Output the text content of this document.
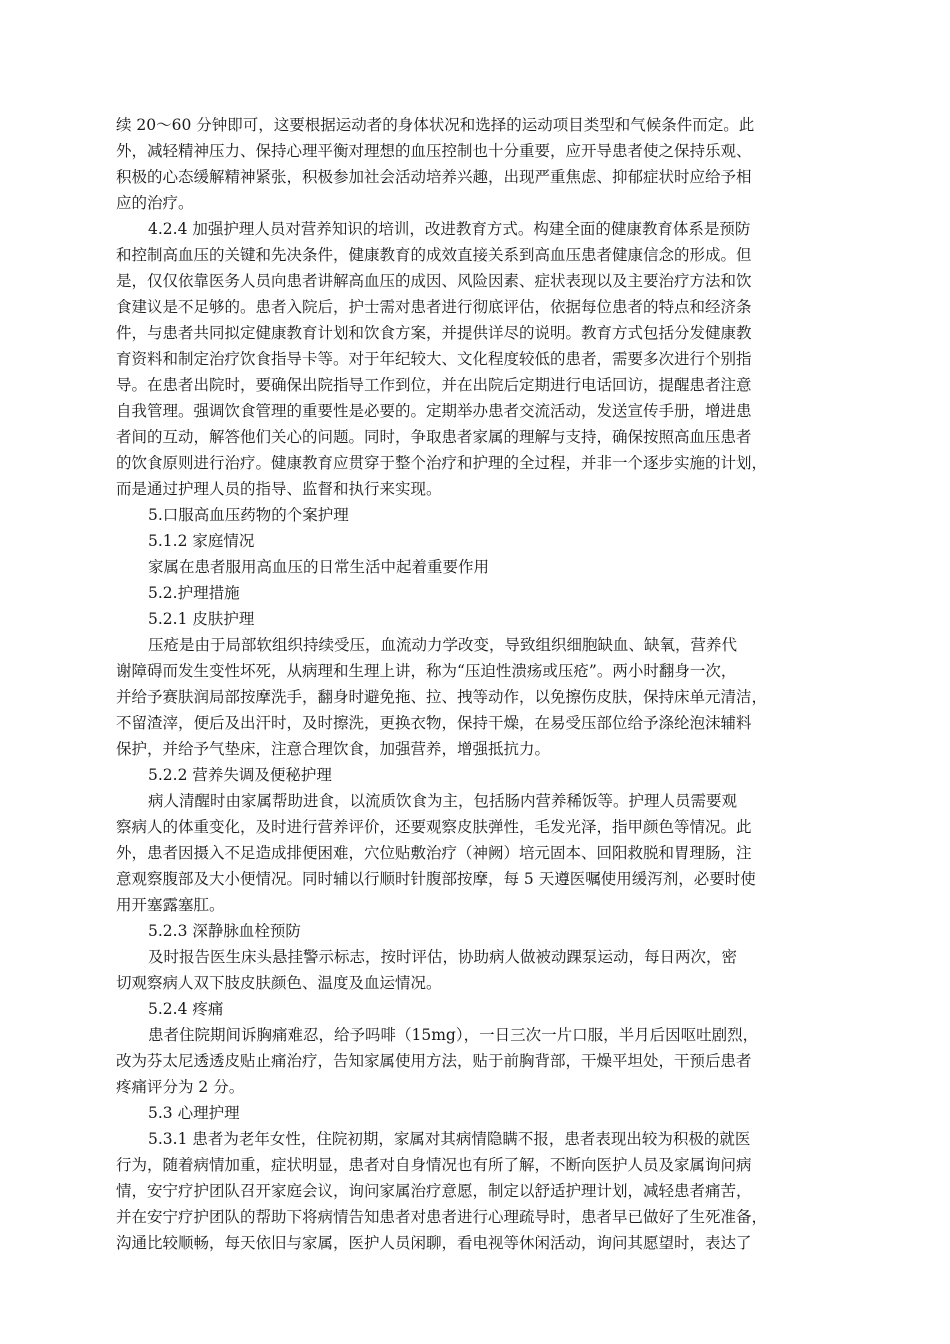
续 20～60 分钟即可，这要根据运动者的身体状况和选择的运动项目类型和气候条件而定。此
外，减轻精神压力、保持心理平衡对理想的血压控制也十分重要，应开导患者使之保持乐观、
积极的心态缓解精神紧张，积极参加社会活动培养兴趣，出现严重焦虑、抑郁症状时应给予相
应的治疗。
4.2.4 加强护理人员对营养知识的培训，改进教育方式。构建全面的健康教育体系是预防
和控制高血压的关键和先决条件，健康教育的成效直接关系到高血压患者健康信念的形成。但
是，仅仅依靠医务人员向患者讲解高血压的成因、风险因素、症状表现以及主要治疗方法和饮
食建议是不足够的。患者入院后，护士需对患者进行彻底评估，依据每位患者的特点和经济条
件，与患者共同拟定健康教育计划和饮食方案，并提供详尽的说明。教育方式包括分发健康教
育资料和制定治疗饮食指导卡等。对于年纪较大、文化程度较低的患者，需要多次进行个别指
导。在患者出院时，要确保出院指导工作到位，并在出院后定期进行电话回访，提醒患者注意
自我管理。强调饮食管理的重要性是必要的。定期举办患者交流活动，发送宣传手册，增进患
者间的互动，解答他们关心的问题。同时，争取患者家属的理解与支持，确保按照高血压患者
的饮食原则进行治疗。健康教育应贯穿于整个治疗和护理的全过程，并非一个逐步实施的计划，
而是通过护理人员的指导、监督和执行来实现。
5.口服高血压药物的个案护理
5.1.2 家庭情况
家属在患者服用高血压的日常生活中起着重要作用
5.2.护理措施
5.2.1 皮肤护理
压疮是由于局部软组织持续受压，血流动力学改变，导致组织细胞缺血、缺氧，营养代
谢障碍而发生变性坏死，从病理和生理上讲，称为“压迫性溃疡或压疮”。两小时翻身一次，
并给予赛肤润局部按摩洗手，翻身时避免拖、拉、拽等动作，以免擦伤皮肤，保持床单元清洁，
不留渣滓，便后及出汗时，及时擦洗，更换衣物，保持干燥，在易受压部位给予涤纶泡沫辅料
保护，并给予气垫床，注意合理饮食，加强营养，增强抵抗力。
5.2.2 营养失调及便秘护理
病人清醒时由家属帮助进食，以流质饮食为主，包括肠内营养稀饭等。护理人员需要观
察病人的体重变化，及时进行营养评价，还要观察皮肤弹性，毛发光泽，指甲颜色等情况。此
外，患者因摄入不足造成排便困难，穴位贴敷治疗（神阙）培元固本、回阳救脱和胃理肠，注
意观察腹部及大小便情况。同时辅以行顺时针腹部按摩，每 5 天遵医嘱使用缓泻剂，必要时使
用开塞露塞肛。
5.2.3 深静脉血栓预防
及时报告医生床头悬挂警示标志，按时评估，协助病人做被动踝泵运动，每日两次，密
切观察病人双下肢皮肤颜色、温度及血运情况。
5.2.4 疼痛
患者住院期间诉胸痛难忍，给予吗啡（15mg），一日三次一片口服，半月后因呕吐剧烈，
改为芬太尼透透皮贴止痛治疗，告知家属使用方法，贴于前胸背部，干燥平坦处，干预后患者
疼痛评分为 2 分。
5.3 心理护理
5.3.1 患者为老年女性，住院初期，家属对其病情隐瞒不报，患者表现出较为积极的就医
行为，随着病情加重，症状明显，患者对自身情况也有所了解，不断向医护人员及家属询问病
情，安宁疗护团队召开家庭会议，询问家属治疗意愿，制定以舒适护理计划，减轻患者痛苦，
并在安宁疗护团队的帮助下将病情告知患者对患者进行心理疏导时，患者早已做好了生死准备，
沟通比较顺畅，每天依旧与家属，医护人员闲聊，看电视等休闲活动，询问其愿望时，表达了
